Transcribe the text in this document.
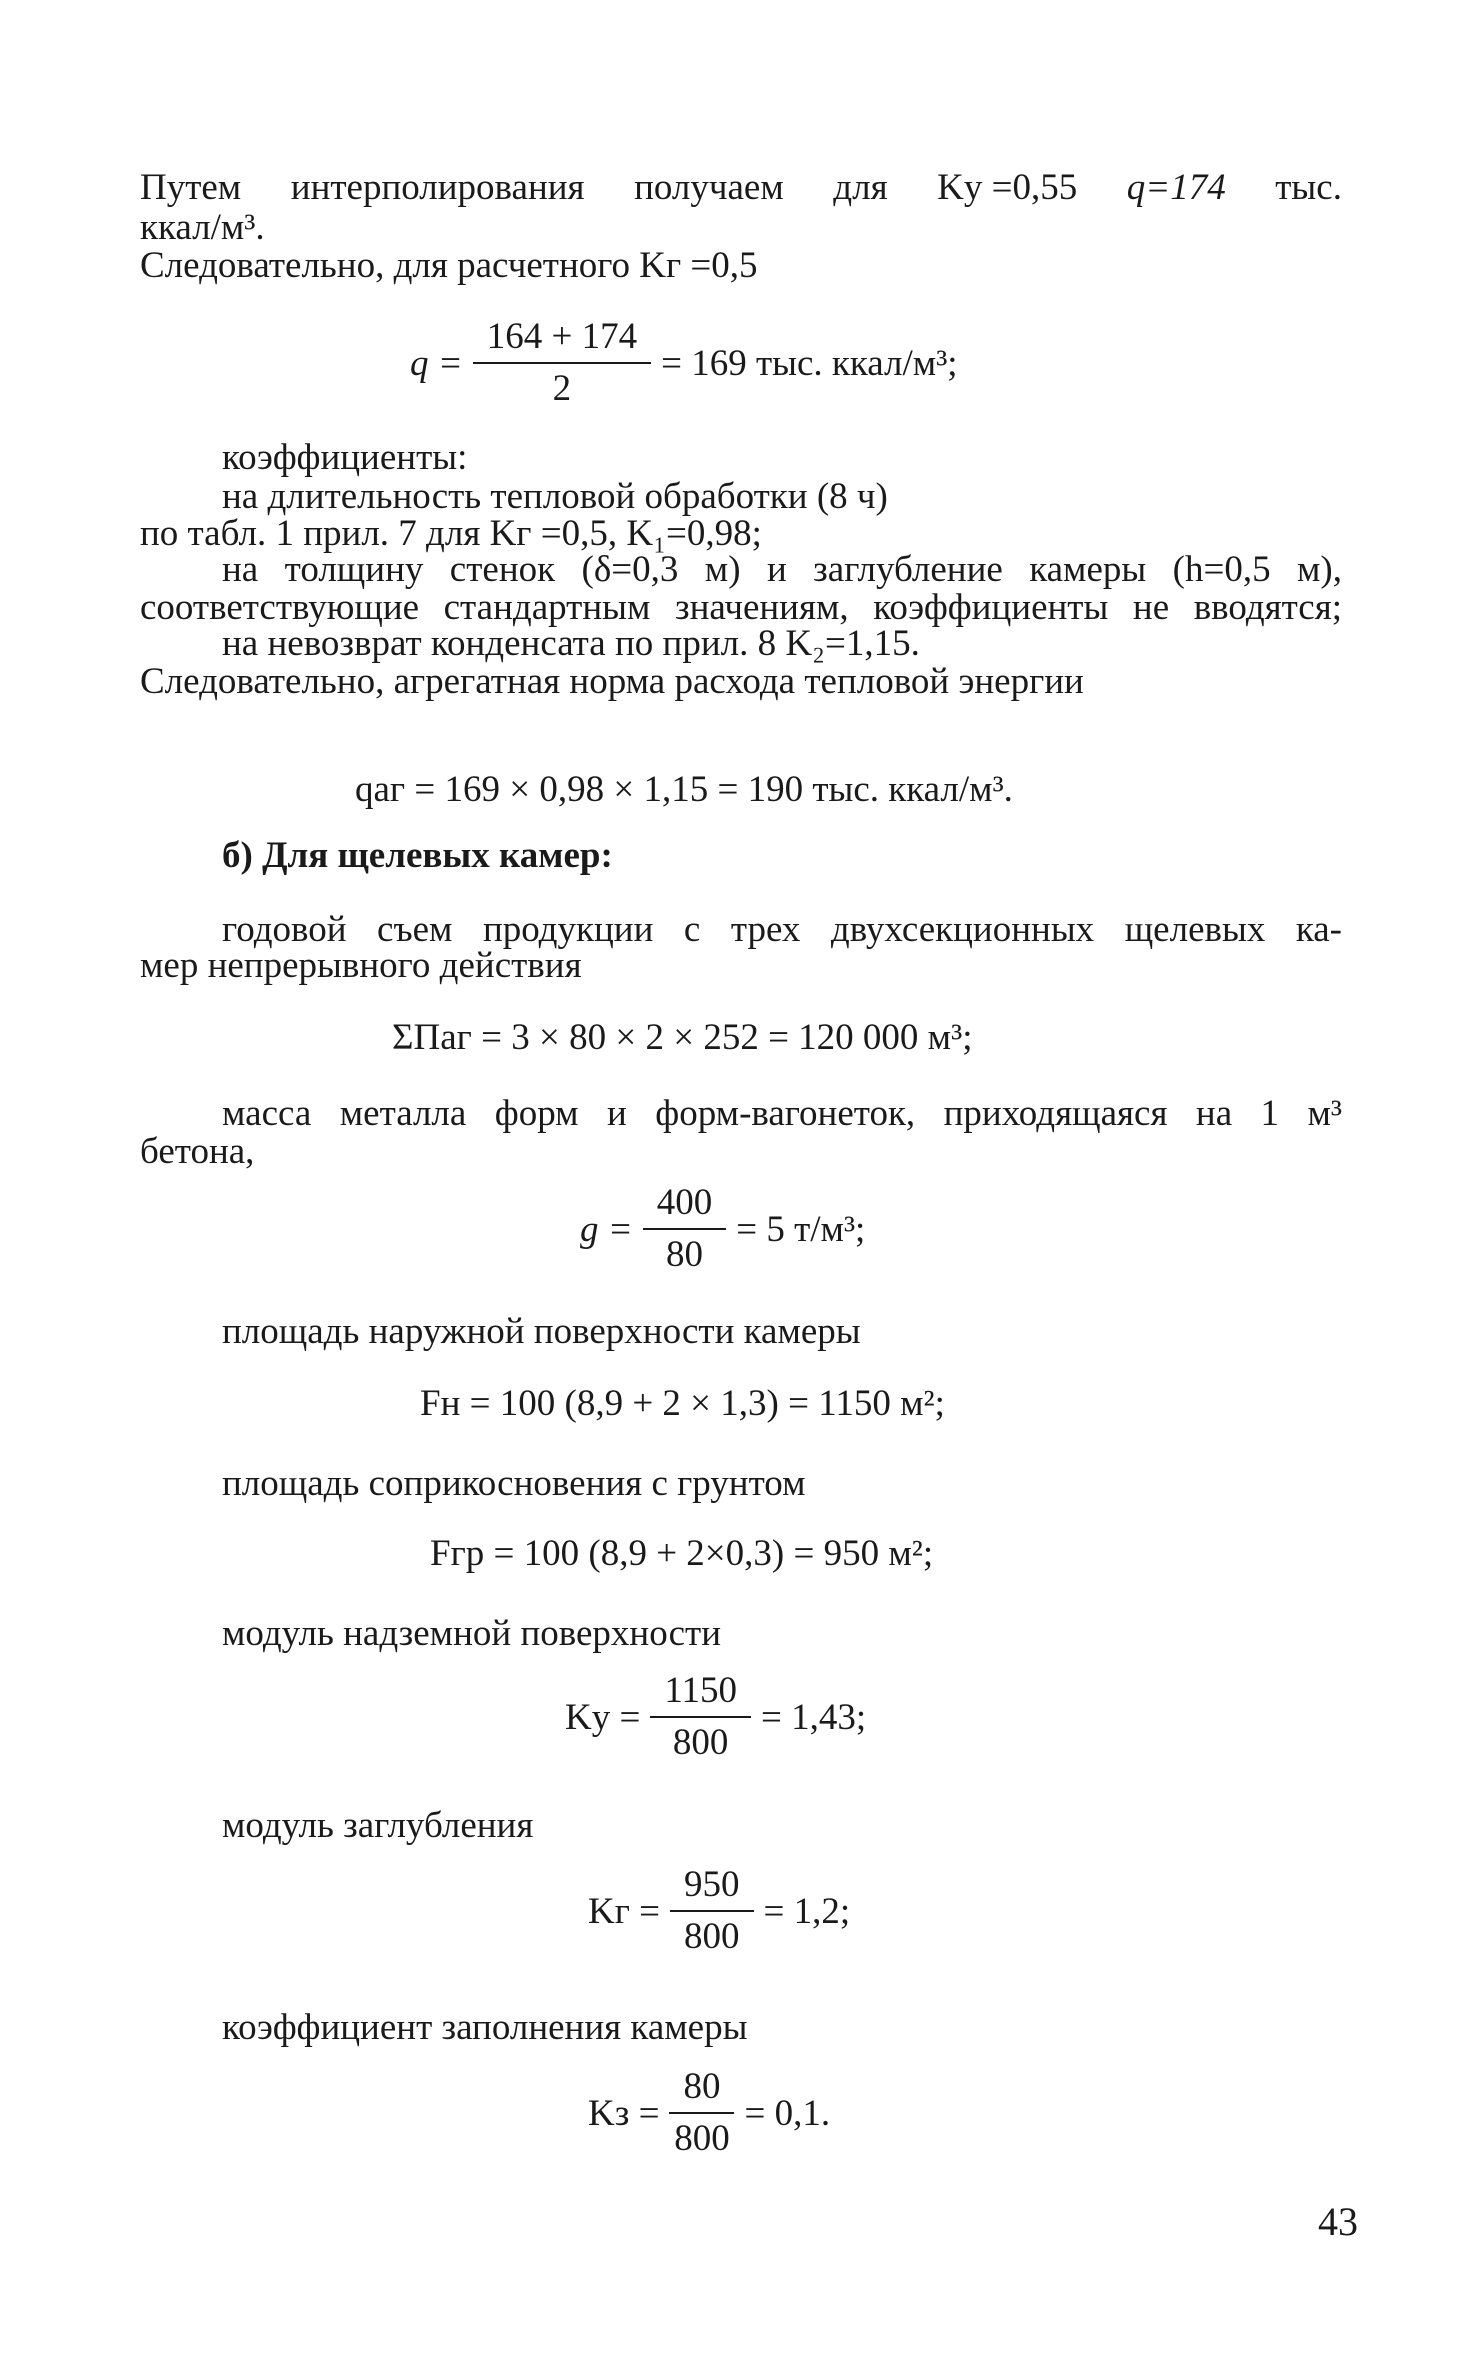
Путем интерполирования получаем для Kу =0,55 q=174 тыс.
ккал/м³.
Следовательно, для расчетного Kг =0,5
$q = \frac{164 + 174}{2} = 169$ тыс. ккал/м³;
коэффициенты:
на длительность тепловой обработки (8 ч)
по табл. 1 прил. 7 для Kг =0,5, K₁=0,98;
на толщину стенок (δ=0,3 м) и заглубление камеры (h=0,5 м),
соответствующие стандартным значениям, коэффициенты не вводятся;
на невозврат конденсата по прил. 8 K₂=1,15.
Следовательно, агрегатная норма расхода тепловой энергии
qаг = 169 × 0,98 × 1,15 = 190 тыс. ккал/м³.
б) Для щелевых камер:
годовой съем продукции с трех двухсекционных щелевых ка-
мер непрерывного действия
ΣПаг = 3 × 80 × 2 × 252 = 120 000 м³;
масса металла форм и форм-вагонеток, приходящаяся на 1 м³
бетона,
$g = \frac{400}{80} = 5$ т/м³;
площадь наружной поверхности камеры
Fн = 100 (8,9 + 2 × 1,3) = 1150 м²;
площадь соприкосновения с грунтом
Fгр = 100 (8,9 + 2×0,3) = 950 м²;
модуль надземной поверхности
Kу = $\frac{1150}{800} = 1,43$;
модуль заглубления
Kг = $\frac{950}{800} = 1,2$;
коэффициент заполнения камеры
Kз = $\frac{80}{800} = 0,1$.
43
